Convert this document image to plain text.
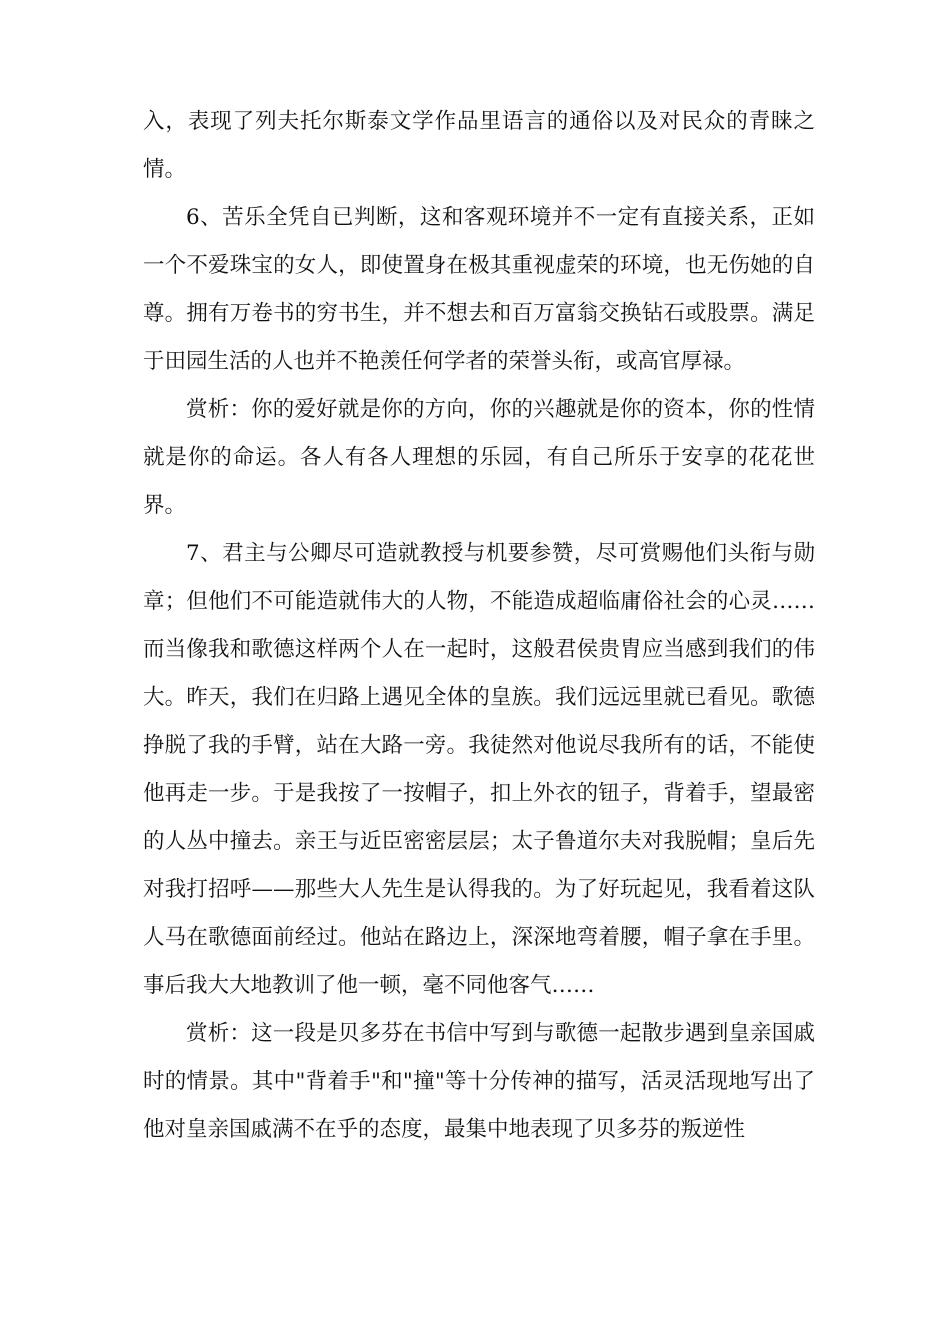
入，表现了列夫托尔斯泰文学作品里语言的通俗以及对民众的青睐之情。

6、苦乐全凭自已判断，这和客观环境并不一定有直接关系，正如一个不爱珠宝的女人，即使置身在极其重视虚荣的环境，也无伤她的自尊。拥有万卷书的穷书生，并不想去和百万富翁交换钻石或股票。满足于田园生活的人也并不艳羡任何学者的荣誉头衔，或高官厚禄。

赏析：你的爱好就是你的方向，你的兴趣就是你的资本，你的性情就是你的命运。各人有各人理想的乐园，有自己所乐于安享的花花世界。

7、君主与公卿尽可造就教授与机要参赞，尽可赏赐他们头衔与勋章；但他们不可能造就伟大的人物，不能造成超临庸俗社会的心灵……而当像我和歌德这样两个人在一起时，这般君侯贵胄应当感到我们的伟大。昨天，我们在归路上遇见全体的皇族。我们远远里就已看见。歌德挣脱了我的手臂，站在大路一旁。我徒然对他说尽我所有的话，不能使他再走一步。于是我按了一按帽子，扣上外衣的钮子，背着手，望最密的人丛中撞去。亲王与近臣密密层层；太子鲁道尔夫对我脱帽；皇后先对我打招呼——那些大人先生是认得我的。为了好玩起见，我看着这队人马在歌德面前经过。他站在路边上，深深地弯着腰，帽子拿在手里。事后我大大地教训了他一顿，毫不同他客气……

赏析：这一段是贝多芬在书信中写到与歌德一起散步遇到皇亲国戚时的情景。其中"背着手"和"撞"等十分传神的描写，活灵活现地写出了他对皇亲国戚满不在乎的态度，最集中地表现了贝多芬的叛逆性
